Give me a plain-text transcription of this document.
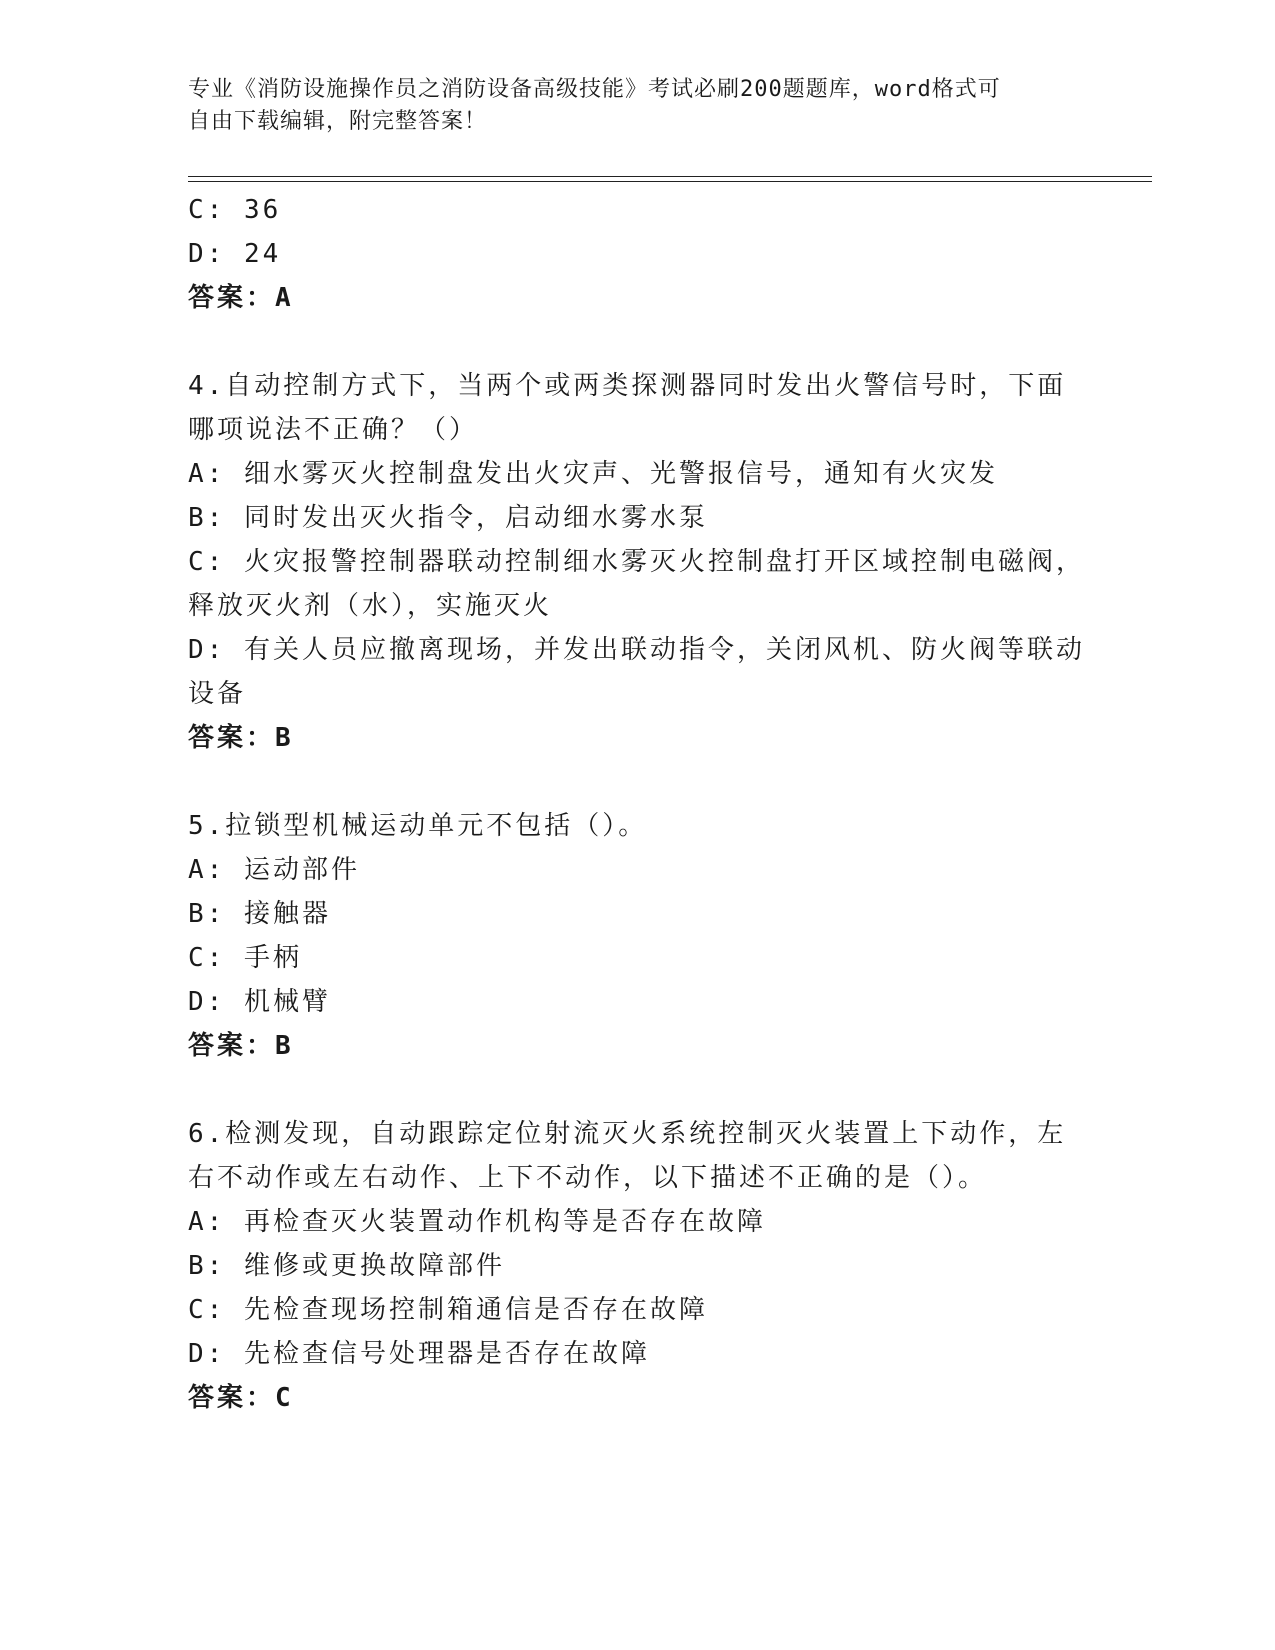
专业《消防设施操作员之消防设备高级技能》考试必刷200题题库，word格式可
自由下载编辑，附完整答案！
C: 36
D: 24
答案：A
4.自动控制方式下，当两个或两类探测器同时发出火警信号时，下面
哪项说法不正确？（）
A: 细水雾灭火控制盘发出火灾声、光警报信号，通知有火灾发
B: 同时发出灭火指令，启动细水雾水泵
C: 火灾报警控制器联动控制细水雾灭火控制盘打开区域控制电磁阀，
释放灭火剂（水），实施灭火
D: 有关人员应撤离现场，并发出联动指令，关闭风机、防火阀等联动
设备
答案：B
5.拉锁型机械运动单元不包括（）。
A: 运动部件
B: 接触器
C: 手柄
D: 机械臂
答案：B
6.检测发现，自动跟踪定位射流灭火系统控制灭火装置上下动作，左
右不动作或左右动作、上下不动作，以下描述不正确的是（）。
A: 再检查灭火装置动作机构等是否存在故障
B: 维修或更换故障部件
C: 先检查现场控制箱通信是否存在故障
D: 先检查信号处理器是否存在故障
答案：C
